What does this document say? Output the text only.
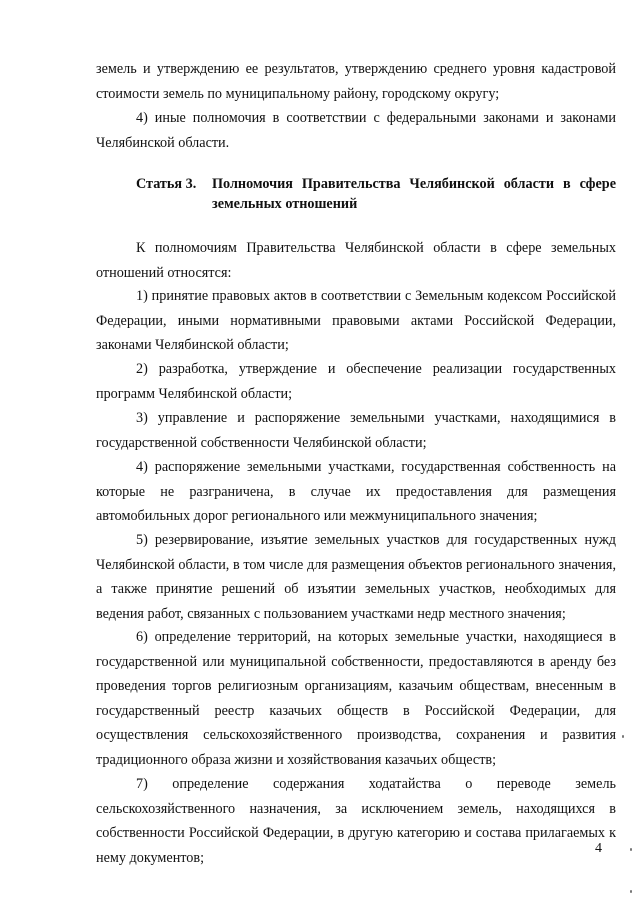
земель и утверждению ее результатов, утверждению среднего уровня кадастровой стоимости земель по муниципальному району, городскому округу;

4) иные полномочия в соответствии с федеральными законами и законами Челябинской области.

Статья 3. Полномочия Правительства Челябинской области в сфере земельных отношений

К полномочиям Правительства Челябинской области в сфере земельных отношений относятся:

1) принятие правовых актов в соответствии с Земельным кодексом Российской Федерации, иными нормативными правовыми актами Российской Федерации, законами Челябинской области;

2) разработка, утверждение и обеспечение реализации государственных программ Челябинской области;

3) управление и распоряжение земельными участками, находящимися в государственной собственности Челябинской области;

4) распоряжение земельными участками, государственная собственность на которые не разграничена, в случае их предоставления для размещения автомобильных дорог регионального или межмуниципального значения;

5) резервирование, изъятие земельных участков для государственных нужд Челябинской области, в том числе для размещения объектов регионального значения, а также принятие решений об изъятии земельных участков, необходимых для ведения работ, связанных с пользованием участками недр местного значения;

6) определение территорий, на которых земельные участки, находящиеся в государственной или муниципальной собственности, предоставляются в аренду без проведения торгов религиозным организациям, казачьим обществам, внесенным в государственный реестр казачьих обществ в Российской Федерации, для осуществления сельскохозяйственного производства, сохранения и развития традиционного образа жизни и хозяйствования казачьих обществ;

7) определение содержания ходатайства о переводе земель сельскохозяйственного назначения, за исключением земель, находящихся в собственности Российской Федерации, в другую категорию и состава прилагаемых к нему документов;

4
